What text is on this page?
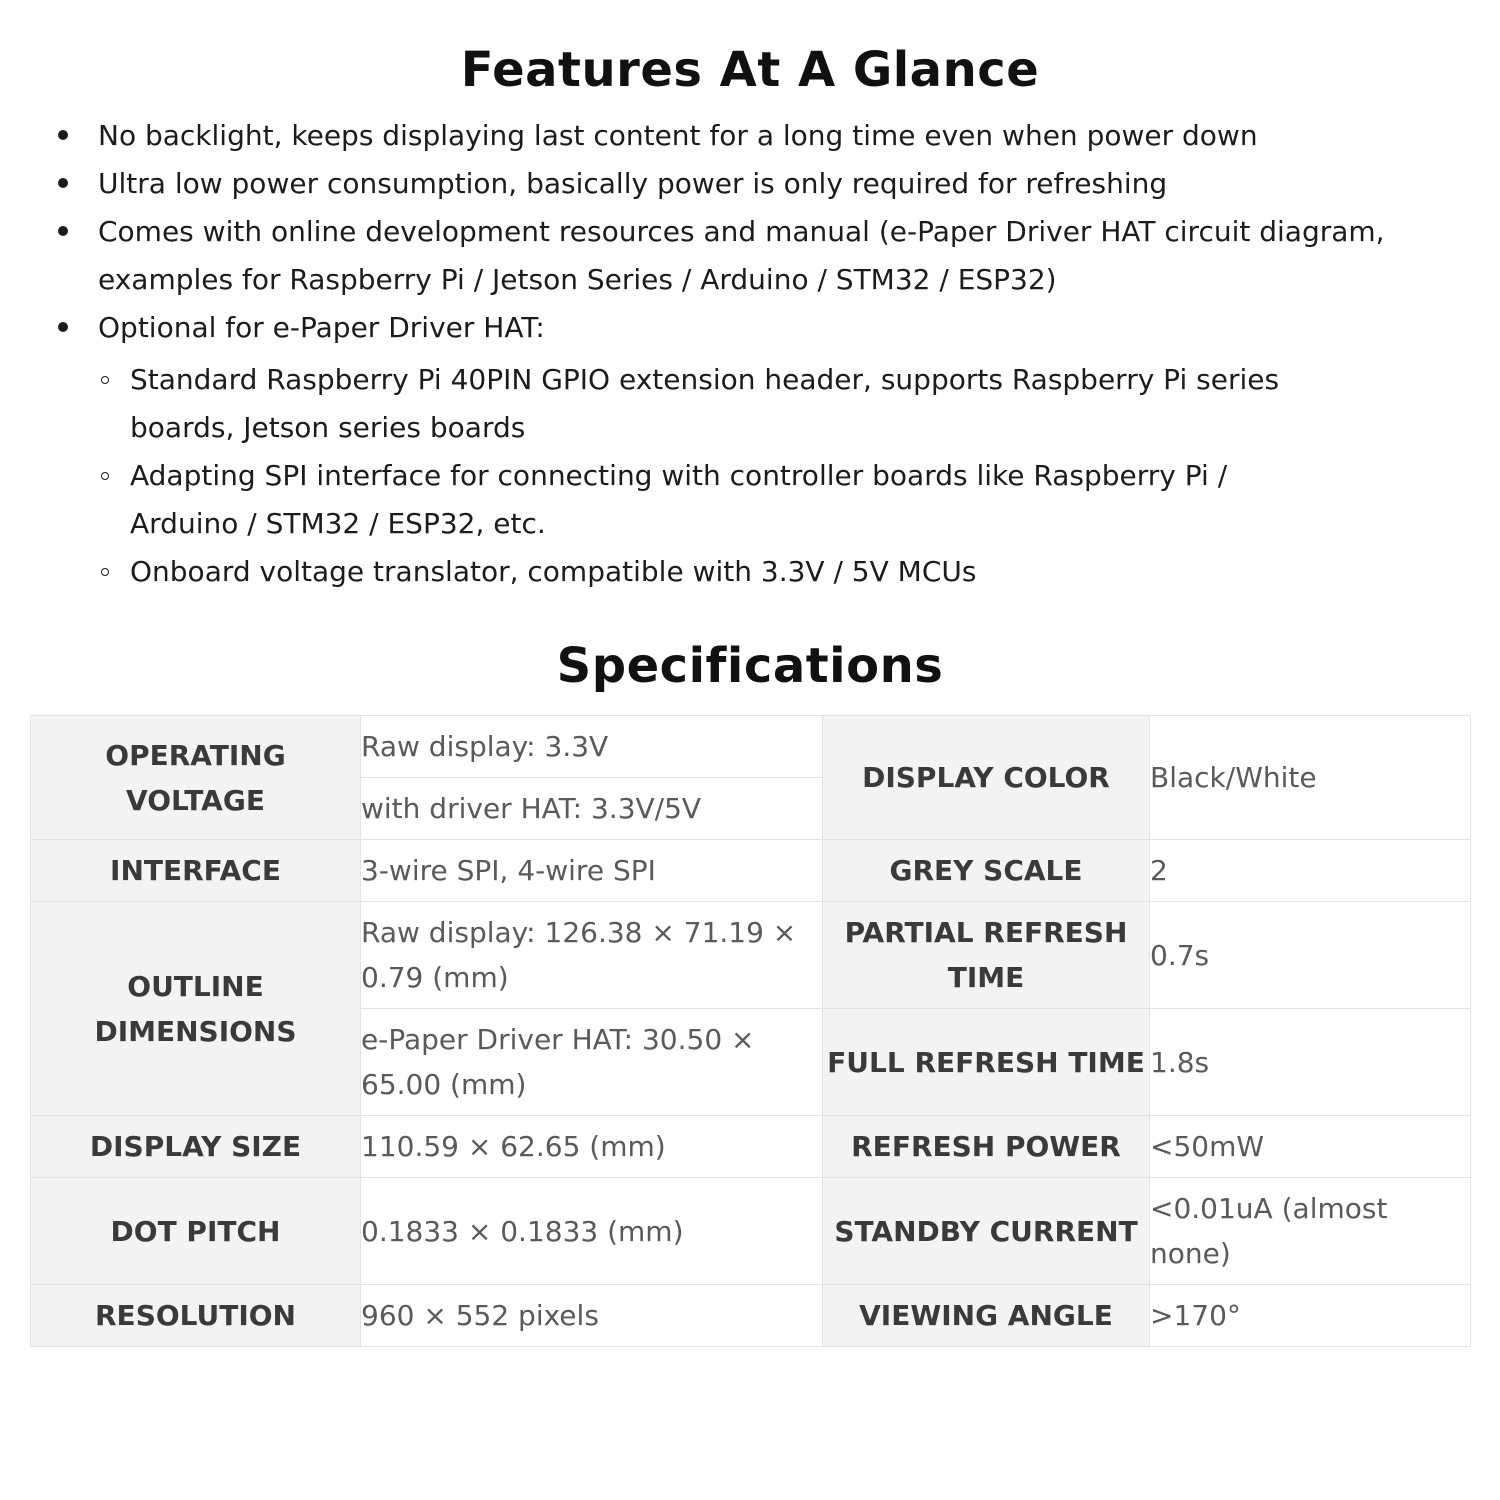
Features At A Glance
No backlight, keeps displaying last content for a long time even when power down
Ultra low power consumption, basically power is only required for refreshing
Comes with online development resources and manual (e-Paper Driver HAT circuit diagram, examples for Raspberry Pi / Jetson Series / Arduino / STM32 / ESP32)
Optional for e-Paper Driver HAT:
Standard Raspberry Pi 40PIN GPIO extension header, supports Raspberry Pi series boards, Jetson series boards
Adapting SPI interface for connecting with controller boards like Raspberry Pi / Arduino / STM32 / ESP32, etc.
Onboard voltage translator, compatible with 3.3V / 5V MCUs
Specifications
OPERATING VOLTAGE	Raw display: 3.3V	DISPLAY COLOR	Black/White
	with driver HAT: 3.3V/5V		
INTERFACE	3-wire SPI, 4-wire SPI	GREY SCALE	2
OUTLINE DIMENSIONS	Raw display: 126.38 × 71.19 × 0.79 (mm)	PARTIAL REFRESH TIME	0.7s
	e-Paper Driver HAT: 30.50 × 65.00 (mm)	FULL REFRESH TIME	1.8s
DISPLAY SIZE	110.59 × 62.65 (mm)	REFRESH POWER	<50mW
DOT PITCH	0.1833 × 0.1833 (mm)	STANDBY CURRENT	<0.01uA (almost none)
RESOLUTION	960 × 552 pixels	VIEWING ANGLE	>170°
